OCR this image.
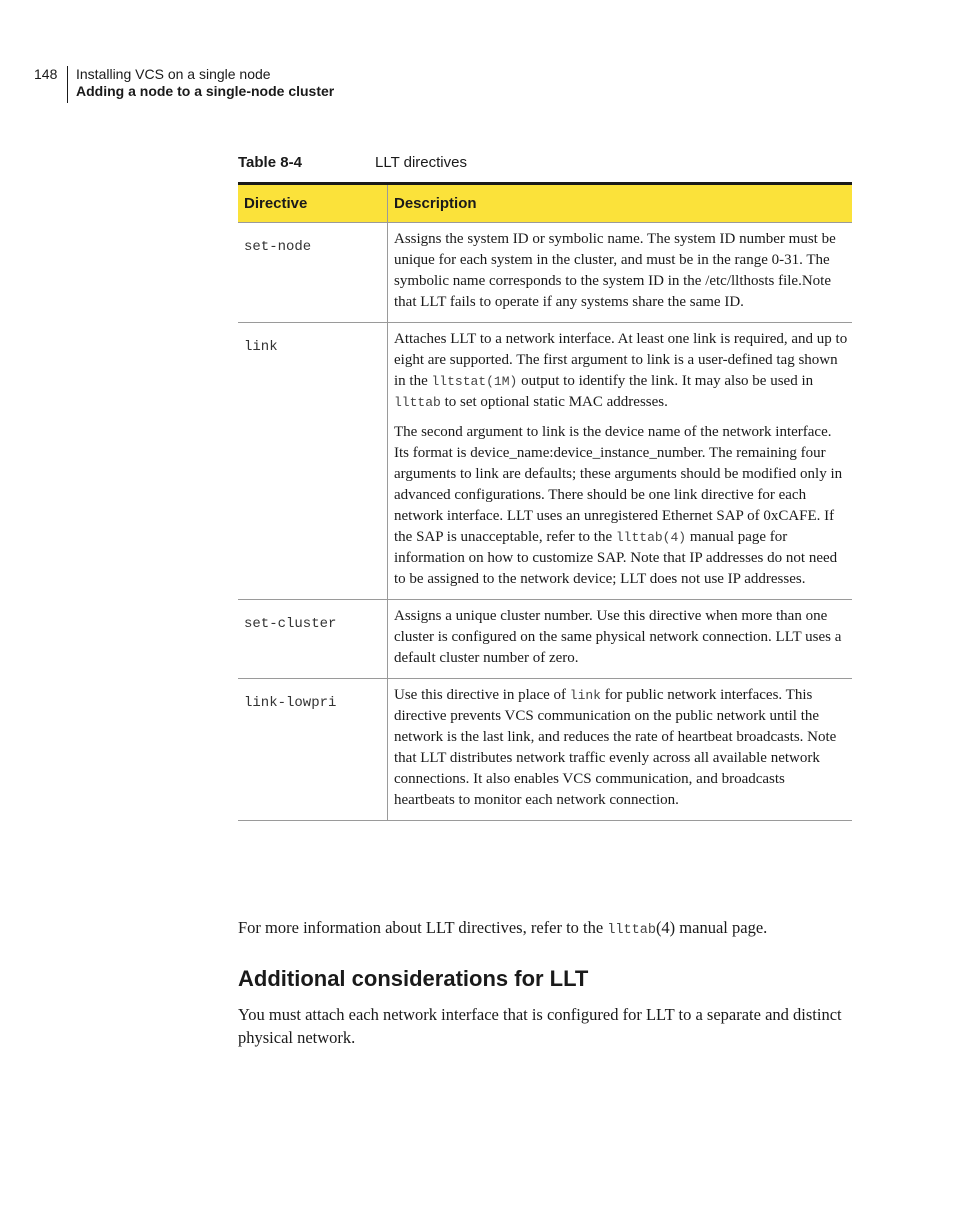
148 Installing VCS on a single node
Adding a node to a single-node cluster
Table 8-4	LLT directives
Directive	Description
set-node	Assigns the system ID or symbolic name. The system ID number must be unique for each system in the cluster, and must be in the range 0-31. The symbolic name corresponds to the system ID in the /etc/llthosts file.Note that LLT fails to operate if any systems share the same ID.

link	Attaches LLT to a network interface. At least one link is required, and up to eight are supported. The first argument to link is a user-defined tag shown in the lltstat(1M) output to identify the link. It may also be used in llttab to set optional static MAC addresses.

The second argument to link is the device name of the network interface. Its format is device_name:device_instance_number. The remaining four arguments to link are defaults; these arguments should be modified only in advanced configurations. There should be one link directive for each network interface. LLT uses an unregistered Ethernet SAP of 0xCAFE. If the SAP is unacceptable, refer to the llttab(4) manual page for information on how to customize SAP. Note that IP addresses do not need to be assigned to the network device; LLT does not use IP addresses.

set-cluster	Assigns a unique cluster number. Use this directive when more than one cluster is configured on the same physical network connection. LLT uses a default cluster number of zero.

link-lowpri	Use this directive in place of link for public network interfaces. This directive prevents VCS communication on the public network until the network is the last link, and reduces the rate of heartbeat broadcasts. Note that LLT distributes network traffic evenly across all available network connections. It also enables VCS communication, and broadcasts heartbeats to monitor each network connection.

For more information about LLT directives, refer to the llttab(4) manual page.
Additional considerations for LLT
You must attach each network interface that is configured for LLT to a separate and distinct physical network.
